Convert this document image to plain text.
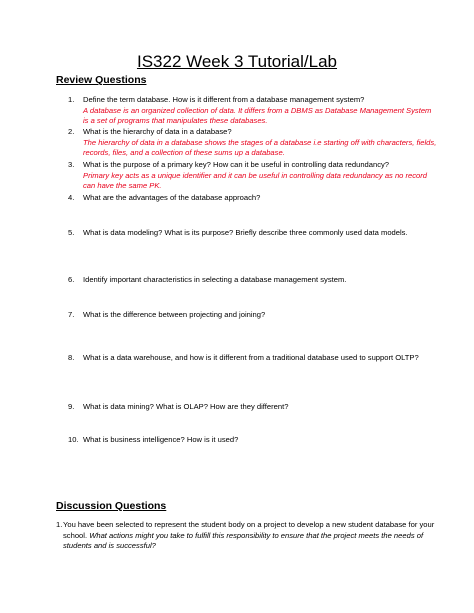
IS322 Week 3 Tutorial/Lab
Review Questions
1.	Define the term database. How is it different from a database management system?
A database is an organized collection of data. It differs from a DBMS as Database Management System is a set of programs that manipulates these databases.
2.	What is the hierarchy of data in a database?
The hierarchy of data in a database shows the stages of a database i.e starting off with characters, fields, records, files, and a collection of these sums up a database.
3.	What is the purpose of a primary key? How can it be useful in controlling data redundancy?
Primary key acts as a unique identifier and it can be useful in controlling data redundancy as no record can have the same PK.
4.	What are the advantages of the database approach?
5.	What is data modeling? What is its purpose? Briefly describe three commonly used data models.
6.	Identify important characteristics in selecting a database management system.
7.	What is the difference between projecting and joining?
8.	What is a data warehouse, and how is it different from a traditional database used to support OLTP?
9.	What is data mining? What is OLAP? How are they different?
10. What is business intelligence? How is it used?
Discussion Questions
1. You have been selected to represent the student body on a project to develop a new student database for your school. What actions might you take to fulfill this responsibility to ensure that the project meets the needs of students and is successful?
